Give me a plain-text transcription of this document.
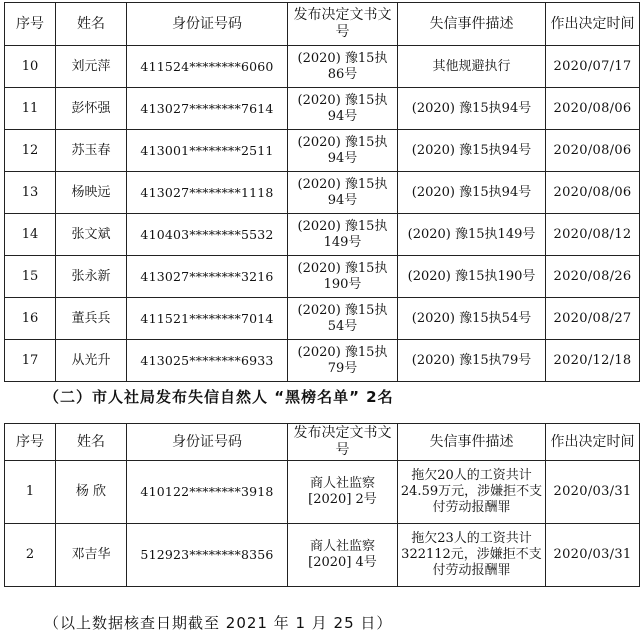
序号	姓名	身份证号码	发布决定文书文号	失信事件描述	作出决定时间
10	刘元萍	411524********6060	(2020) 豫15执86号	其他规避执行	2020/07/17
11	彭怀强	413027********7614	(2020) 豫15执94号	(2020) 豫15执94号	2020/08/06
12	苏玉春	413001********2511	(2020) 豫15执94号	(2020) 豫15执94号	2020/08/06
13	杨映远	413027********1118	(2020) 豫15执94号	(2020) 豫15执94号	2020/08/06
14	张文斌	410403********5532	(2020) 豫15执149号	(2020) 豫15执149号	2020/08/12
15	张永新	413027********3216	(2020) 豫15执190号	(2020) 豫15执190号	2020/08/26
16	董兵兵	411521********7014	(2020) 豫15执54号	(2020) 豫15执54号	2020/08/27
17	从光升	413025********6933	(2020) 豫15执79号	(2020) 豫15执79号	2020/12/18
（二）市人社局发布失信自然人 “黑榜名单” 2名
序号	姓名	身份证号码	发布决定文书文号	失信事件描述	作出决定时间
1	杨 欣	410122********3918	商人社监察[2020] 2号	拖欠20人的工资共计24.59万元，涉嫌拒不支付劳动报酬罪	2020/03/31
2	邓吉华	512923********8356	商人社监察[2020] 4号	拖欠23人的工资共计322112元，涉嫌拒不支付劳动报酬罪	2020/03/31
（以上数据核查日期截至 2021 年 1 月 25 日）
